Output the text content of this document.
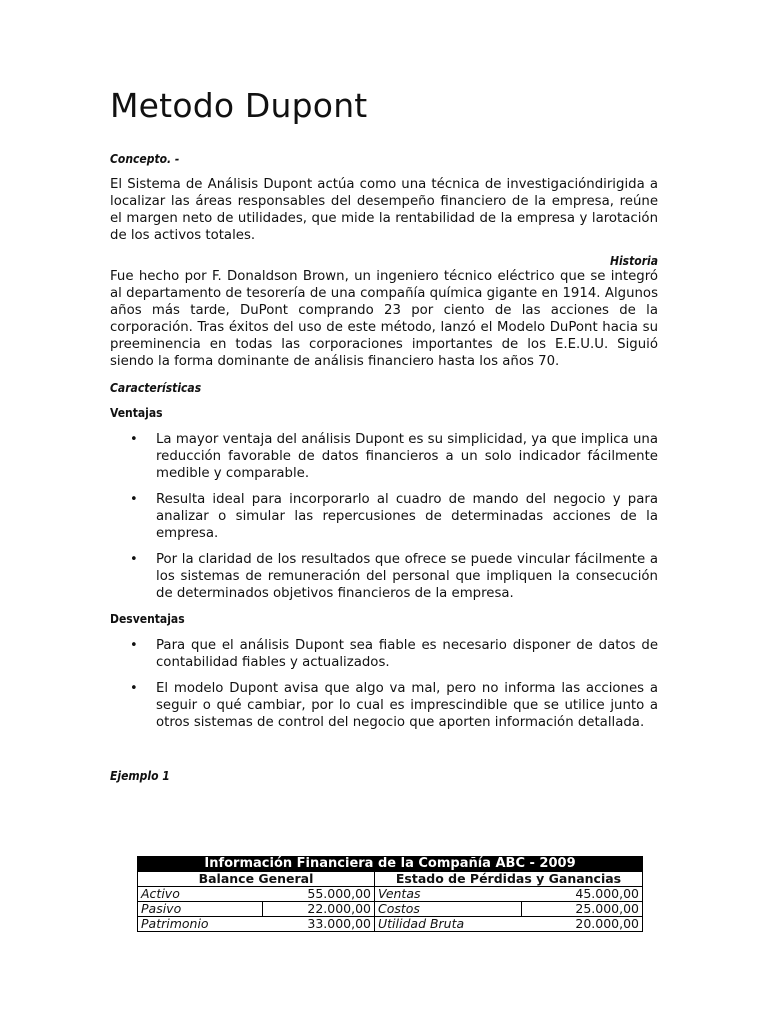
Metodo Dupont

Concepto. -

El Sistema de Análisis Dupont actúa como una técnica de investigacióndirigida a localizar las áreas responsables del desempeño financiero de la empresa, reúne el margen neto de utilidades, que mide la rentabilidad de la empresa y larotación de los activos totales.

Historia

Fue hecho por F. Donaldson Brown, un ingeniero técnico eléctrico que se integró al departamento de tesorería de una compañía química gigante en 1914. Algunos años más tarde, DuPont comprando 23 por ciento de las acciones de la corporación. Tras éxitos del uso de este método, lanzó el Modelo DuPont hacia su preeminencia en todas las corporaciones importantes de los E.E.U.U. Siguió siendo la forma dominante de análisis financiero hasta los años 70.

Características

Ventajas

• La mayor ventaja del análisis Dupont es su simplicidad, ya que implica una reducción favorable de datos financieros a un solo indicador fácilmente medible y comparable.
• Resulta ideal para incorporarlo al cuadro de mando del negocio y para analizar o simular las repercusiones de determinadas acciones de la empresa.
• Por la claridad de los resultados que ofrece se puede vincular fácilmente a los sistemas de remuneración del personal que impliquen la consecución de determinados objetivos financieros de la empresa.

Desventajas

• Para que el análisis Dupont sea fiable es necesario disponer de datos de contabilidad fiables y actualizados.
• El modelo Dupont avisa que algo va mal, pero no informa las acciones a seguir o qué cambiar, por lo cual es imprescindible que se utilice junto a otros sistemas de control del negocio que aporten información detallada.

Ejemplo 1

Información Financiera de la Compañía ABC - 2009			
Balance General		Estado de Pérdidas y Ganancias	
Activo	55.000,00	Ventas	45.000,00
Pasivo	22.000,00	Costos	25.000,00
Patrimonio	33.000,00	Utilidad Bruta	20.000,00
